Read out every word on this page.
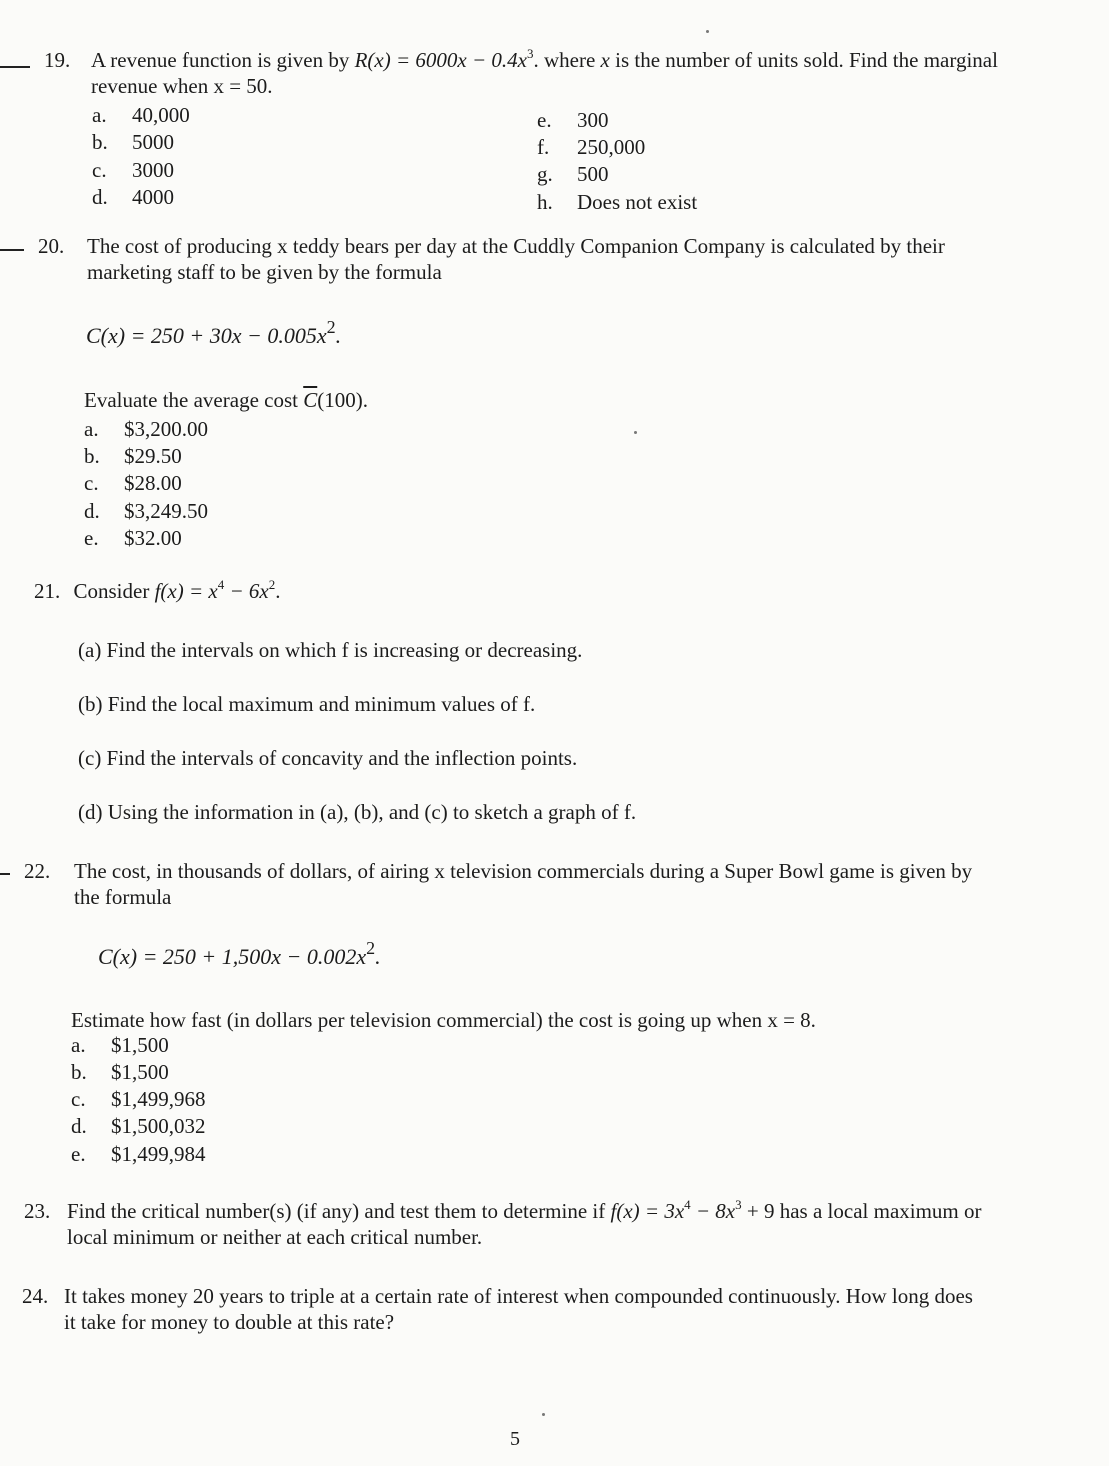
19. A revenue function is given by $R(x) = 6000x - 0.4x^3$. where x is the number of units sold. Find the marginal
revenue when x = 50.
a. 40,000
b. 5000
c. 3000
d. 4000
e. 300
f. 250,000
g. 500
h. Does not exist
20. The cost of producing x teddy bears per day at the Cuddly Companion Company is calculated by their
marketing staff to be given by the formula
$C(x) = 250 + 30x - 0.005x^2$.
Evaluate the average cost $\overline{C}(100)$.
a. $3,200.00
b. $29.50
c. $28.00
d. $3,249.50
e. $32.00
21. Consider $f(x) = x^4 - 6x^2$.
(a) Find the intervals on which f is increasing or decreasing.
(b) Find the local maximum and minimum values of f.
(c) Find the intervals of concavity and the inflection points.
(d) Using the information in (a), (b), and (c) to sketch a graph of f.
22. The cost, in thousands of dollars, of airing x television commercials during a Super Bowl game is given by
the formula
$C(x) = 250 + 1,500x - 0.002x^2$.
Estimate how fast (in dollars per television commercial) the cost is going up when x = 8.
a. $1,500
b. $1,500
c. $1,499,968
d. $1,500,032
e. $1,499,984
23. Find the critical number(s) (if any) and test them to determine if $f(x) = 3x^4 - 8x^3 + 9$ has a local maximum or
local minimum or neither at each critical number.
24. It takes money 20 years to triple at a certain rate of interest when compounded continuously. How long does
it take for money to double at this rate?
5
